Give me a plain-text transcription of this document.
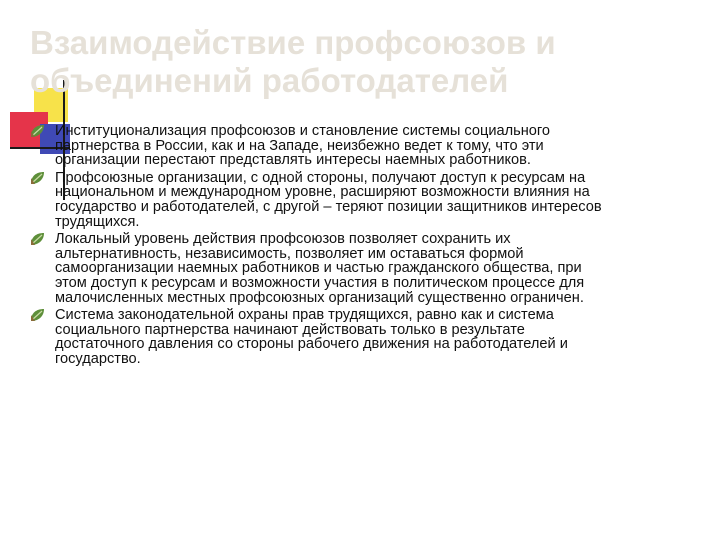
Взаимодействие профсоюзов и объединений работодателей
Институционализация профсоюзов и становление системы социального партнерства в России, как и на Западе, неизбежно ведет к тому, что эти организации перестают представлять интересы наемных работников.
Профсоюзные организации, с одной стороны, получают доступ к ресурсам на национальном и международном уровне, расширяют возможности влияния на государство и работодателей, с другой – теряют позиции защитников интересов трудящихся.
Локальный уровень действия профсоюзов позволяет сохранить их альтернативность, независимость, позволяет им оставаться формой самоорганизации наемных работников и частью гражданского общества, при этом доступ к ресурсам и возможности участия в политическом процессе для малочисленных местных профсоюзных организаций существенно ограничен.
Система законодательной охраны прав трудящихся, равно как и система социального партнерства начинают действовать только в результате достаточного давления со стороны рабочего движения на работодателей и государство.
